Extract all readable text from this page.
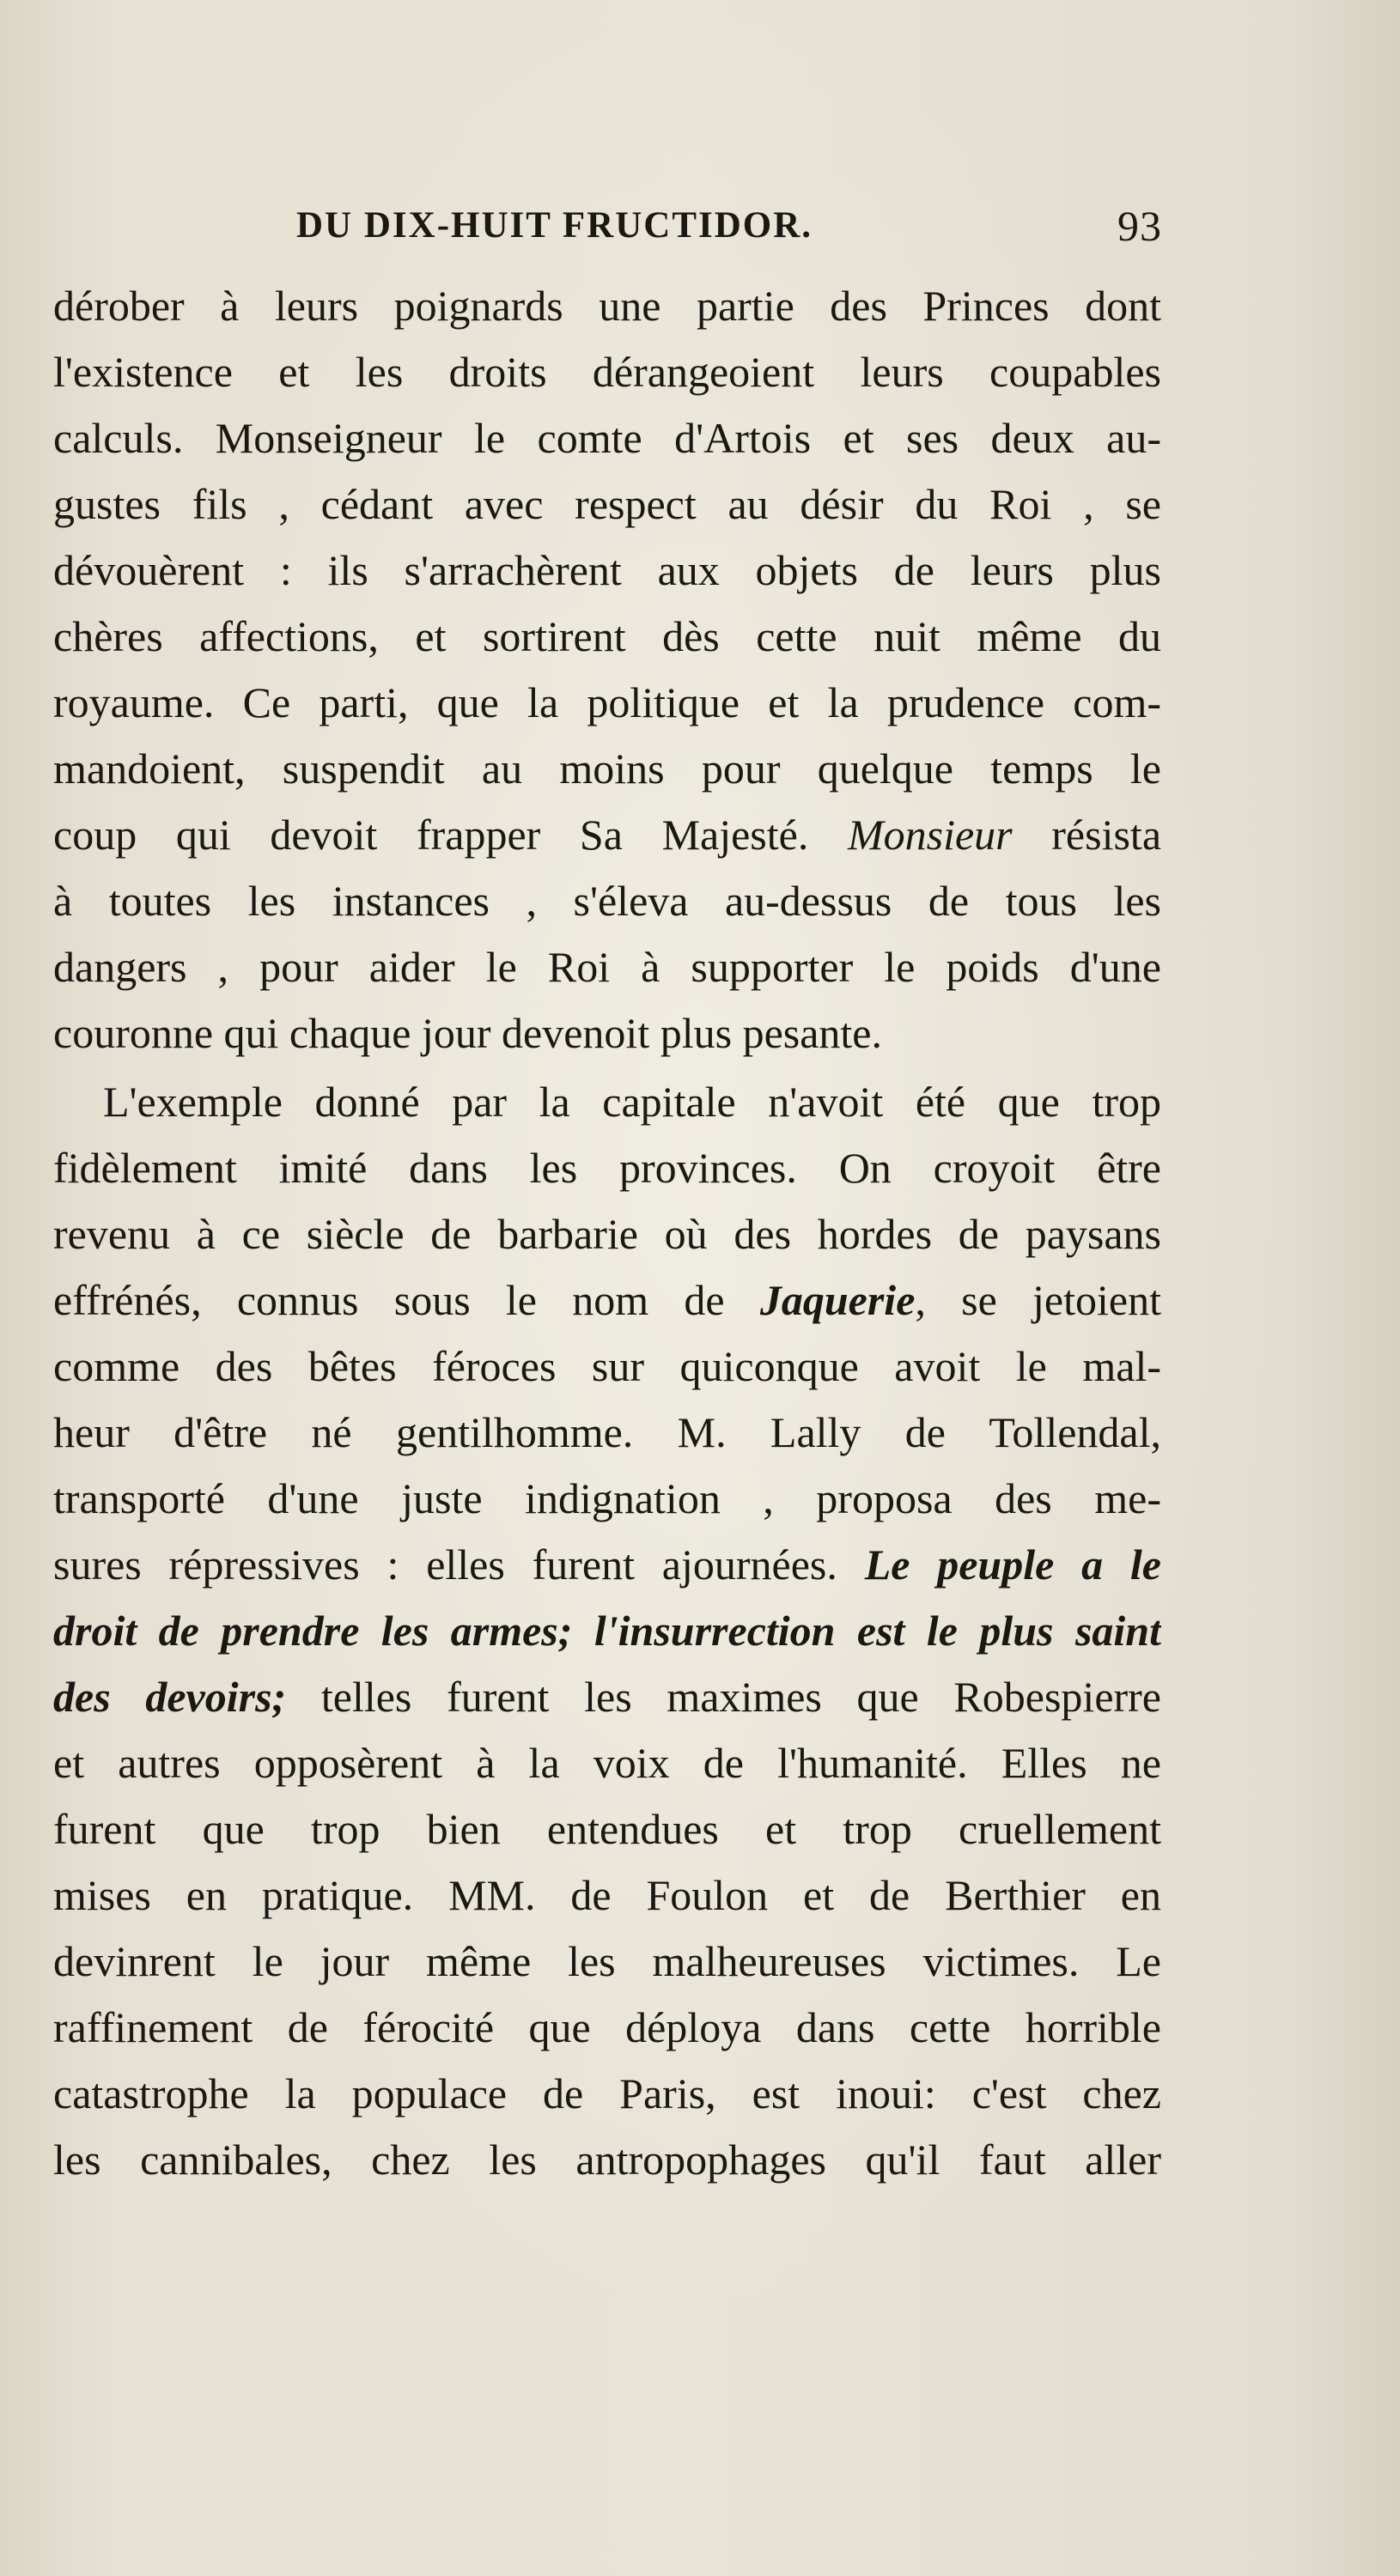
DU DIX-HUIT FRUCTIDOR.	93
dérober à leurs poignards une partie des Princes dont
l'existence et les droits dérangeoient leurs coupables
calculs. Monseigneur le comte d'Artois et ses deux au-
gustes fils , cédant avec respect au désir du Roi , se
dévouèrent : ils s'arrachèrent aux objets de leurs plus
chères affections, et sortirent dès cette nuit même du
royaume. Ce parti, que la politique et la prudence com-
mandoient, suspendit au moins pour quelque temps le
coup qui devoit frapper Sa Majesté. Monsieur résista
à toutes les instances , s'éleva au-dessus de tous les
dangers , pour aider le Roi à supporter le poids d'une
couronne qui chaque jour devenoit plus pesante.
L'exemple donné par la capitale n'avoit été que trop
fidèlement imité dans les provinces. On croyoit être
revenu à ce siècle de barbarie où des hordes de paysans
effrénés, connus sous le nom de Jaquerie, se jetoient
comme des bêtes féroces sur quiconque avoit le mal-
heur d'être né gentilhomme. M. Lally de Tollendal,
transporté d'une juste indignation , proposa des me-
sures répressives : elles furent ajournées. Le peuple a le
droit de prendre les armes; l'insurrection est le plus saint
des devoirs; telles furent les maximes que Robespierre
et autres opposèrent à la voix de l'humanité. Elles ne
furent que trop bien entendues et trop cruellement
mises en pratique. MM. de Foulon et de Berthier en
devinrent le jour même les malheureuses victimes. Le
raffinement de férocité que déploya dans cette horrible
catastrophe la populace de Paris, est inoui: c'est chez
les cannibales, chez les antropophages qu'il faut aller
